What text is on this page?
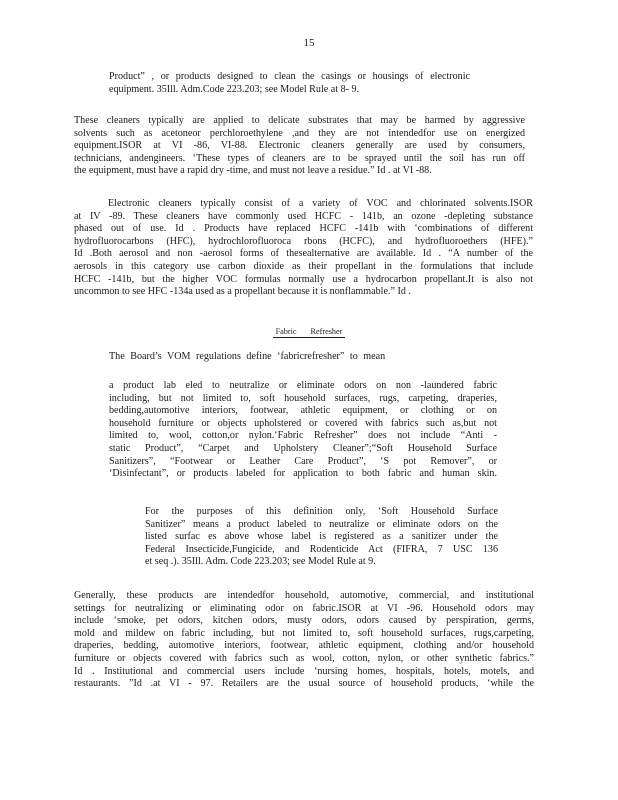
15
Product” , or products designed to clean the casings or housings of electronic
equipment. 35Ill. Adm.Code 223.203; see Model Rule at 8- 9.
These cleaners typically are applied to delicate substrates that may be harmed by aggressive
solvents such as acetoneor perchloroethylene ,and they are not intendedfor use on energized
equipment.ISOR at VI -86, VI-88. Electronic cleaners generally are used by consumers,
technicians, andengineers. ‘These types of cleaners are to be sprayed until the soil has run off
the equipment, must have a rapid dry -time, and must not leave a residue.” Id . at VI -88.
Electronic cleaners typically consist of a variety of VOC and chlorinated solvents.ISOR
at IV -89. These cleaners have commonly used HCFC - 141b, an ozone -depleting substance
phased out of use. Id . Products have replaced HCFC -141b with ‘combinations of different
hydrofluorocarbons (HFC), hydrochlorofluoroca rbons (HCFC), and hydrofluoroethers (HFE).”
Id .Both aerosol and non -aerosol forms of thesealternative are available. Id . “A number of the
aerosols in this category use carbon dioxide as their propellant in the formulations that include
HCFC -141b, but the higher VOC formulas normally use a hydrocarbon propellant.It is also not
uncommon to see HFC -134a used as a propellant because it is nonflammable.” Id .
Fabric Refresher
The Board’s VOM regulations define ‘fabricrefresher” to mean
a product lab eled to neutralize or eliminate odors on non -laundered fabric
including, but not limited to, soft household surfaces, rugs, carpeting, draperies,
bedding,automotive interiors, footwear, athletic equipment, or clothing or on
household furniture or objects upholstered or covered with fabrics such as,but not
limited to, wool, cotton,or nylon.‘Fabric Refresher” does not include “Anti -
static Product”, “Carpet and Upholstery Cleaner”;“Soft Household Surface
Sanitizers”, “Footwear or Leather Care Product”, ‘S pot Remover”, or
‘Disinfectant”, or products labeled for application to both fabric and human skin.
For the purposes of this definition only, ‘Soft Household Surface
Sanitizer” means a product labeled to neutralize or eliminate odors on the
listed surfac es above whose label is registered as a sanitizer under the
Federal Insecticide,Fungicide, and Rodenticide Act (FIFRA, 7 USC 136
et seq .). 35Ill. Adm. Code 223.203; see Model Rule at 9.
Generally, these products are intendedfor household, automotive, commercial, and institutional
settings for neutralizing or eliminating odor on fabric.ISOR at VI -96. Household odors may
include ‘smoke, pet odors, kitchen odors, musty odors, odors caused by perspiration, germs,
mold and mildew on fabric including, but not limited to, soft household surfaces, rugs,carpeting,
draperies, bedding, automotive interiors, footwear, athletic equipment, clothing and/or household
furniture or objects covered with fabrics such as wool, cotton, nylon, or other synthetic fabrics.”
Id . Institutional and commercial users include ‘nursing homes, hospitals, hotels, motels, and
restaurants. ”Id .at VI - 97. Retailers are the usual source of household products, ‘while the
